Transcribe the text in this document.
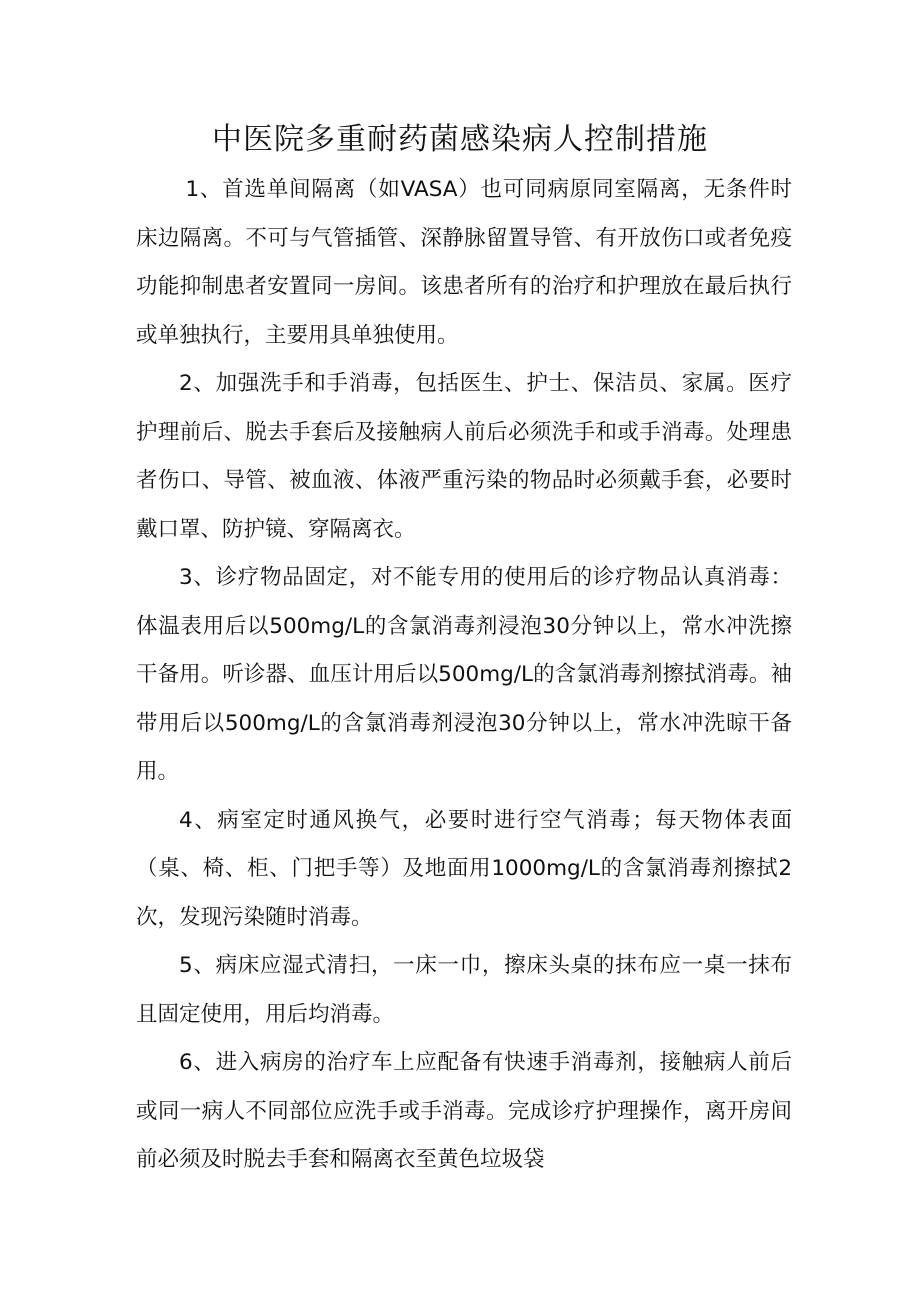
中医院多重耐药菌感染病人控制措施

1、首选单间隔离（如VASA）也可同病原同室隔离，无条件时床边隔离。不可与气管插管、深静脉留置导管、有开放伤口或者免疫功能抑制患者安置同一房间。该患者所有的治疗和护理放在最后执行或单独执行，主要用具单独使用。

2、加强洗手和手消毒，包括医生、护士、保洁员、家属。医疗护理前后、脱去手套后及接触病人前后必须洗手和或手消毒。处理患者伤口、导管、被血液、体液严重污染的物品时必须戴手套，必要时戴口罩、防护镜、穿隔离衣。

3、诊疗物品固定，对不能专用的使用后的诊疗物品认真消毒：体温表用后以500mg/L的含氯消毒剂浸泡30分钟以上，常水冲洗擦干备用。听诊器、血压计用后以500mg/L的含氯消毒剂擦拭消毒。袖带用后以500mg/L的含氯消毒剂浸泡30分钟以上，常水冲洗晾干备用。

4、病室定时通风换气，必要时进行空气消毒；每天物体表面（桌、椅、柜、门把手等）及地面用1000mg/L的含氯消毒剂擦拭2次，发现污染随时消毒。

5、病床应湿式清扫，一床一巾，擦床头桌的抹布应一桌一抹布且固定使用，用后均消毒。

6、进入病房的治疗车上应配备有快速手消毒剂，接触病人前后或同一病人不同部位应洗手或手消毒。完成诊疗护理操作，离开房间前必须及时脱去手套和隔离衣至黄色垃圾袋
